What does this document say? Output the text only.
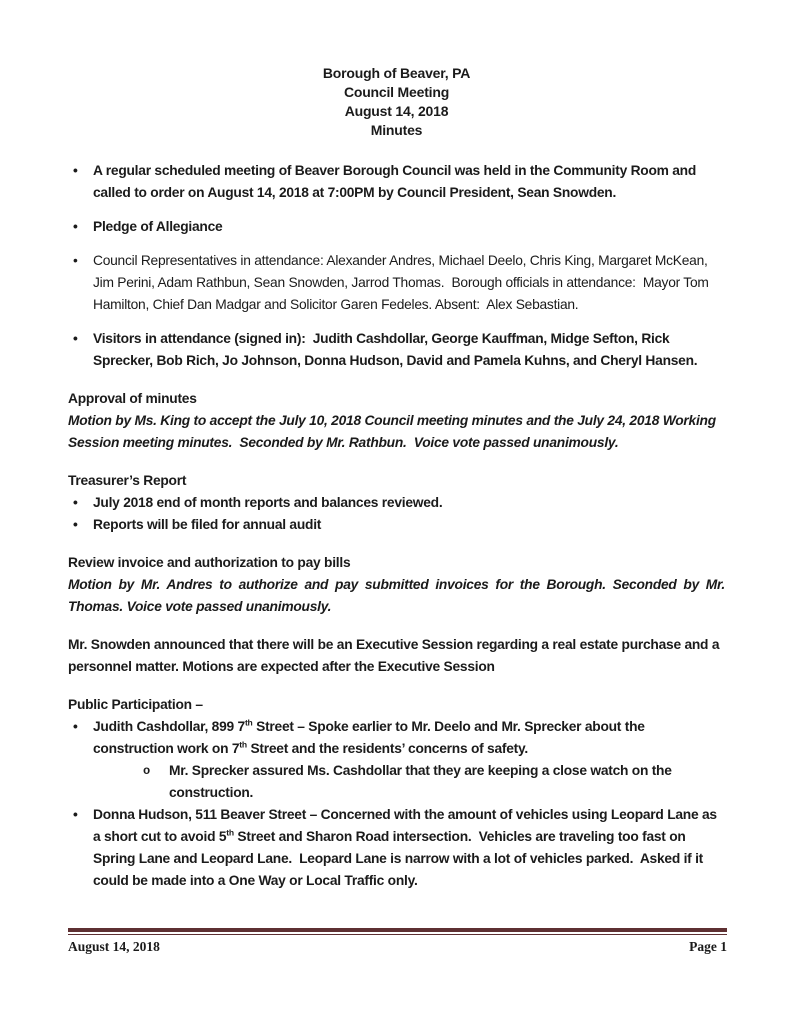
Borough of Beaver, PA
Council Meeting
August 14, 2018
Minutes
• A regular scheduled meeting of Beaver Borough Council was held in the Community Room and called to order on August 14, 2018 at 7:00PM by Council President, Sean Snowden.
• Pledge of Allegiance
• Council Representatives in attendance: Alexander Andres, Michael Deelo, Chris King, Margaret McKean, Jim Perini, Adam Rathbun, Sean Snowden, Jarrod Thomas.  Borough officials in attendance:  Mayor Tom Hamilton, Chief Dan Madgar and Solicitor Garen Fedeles. Absent:  Alex Sebastian.
• Visitors in attendance (signed in):  Judith Cashdollar, George Kauffman, Midge Sefton, Rick Sprecker, Bob Rich, Jo Johnson, Donna Hudson, David and Pamela Kuhns, and Cheryl Hansen.
Approval of minutes

Motion by Ms. King to accept the July 10, 2018 Council meeting minutes and the July 24, 2018 Working Session meeting minutes.  Seconded by Mr. Rathbun.  Voice vote passed unanimously.

Treasurer’s Report
• July 2018 end of month reports and balances reviewed.
• Reports will be filed for annual audit
Review invoice and authorization to pay bills

Motion by Mr. Andres to authorize and pay submitted invoices for the Borough. Seconded by Mr. Thomas. Voice vote passed unanimously.

Mr. Snowden announced that there will be an Executive Session regarding a real estate purchase and a personnel matter. Motions are expected after the Executive Session

Public Participation –
• Judith Cashdollar, 899 7th Street – Spoke earlier to Mr. Deelo and Mr. Sprecker about the construction work on 7th Street and the residents’ concerns of safety.
o Mr. Sprecker assured Ms. Cashdollar that they are keeping a close watch on the construction.
• Donna Hudson, 511 Beaver Street – Concerned with the amount of vehicles using Leopard Lane as a short cut to avoid 5th Street and Sharon Road intersection.  Vehicles are traveling too fast on Spring Lane and Leopard Lane.  Leopard Lane is narrow with a lot of vehicles parked.  Asked if it could be made into a One Way or Local Traffic only.
August 14, 2018	Page 1
